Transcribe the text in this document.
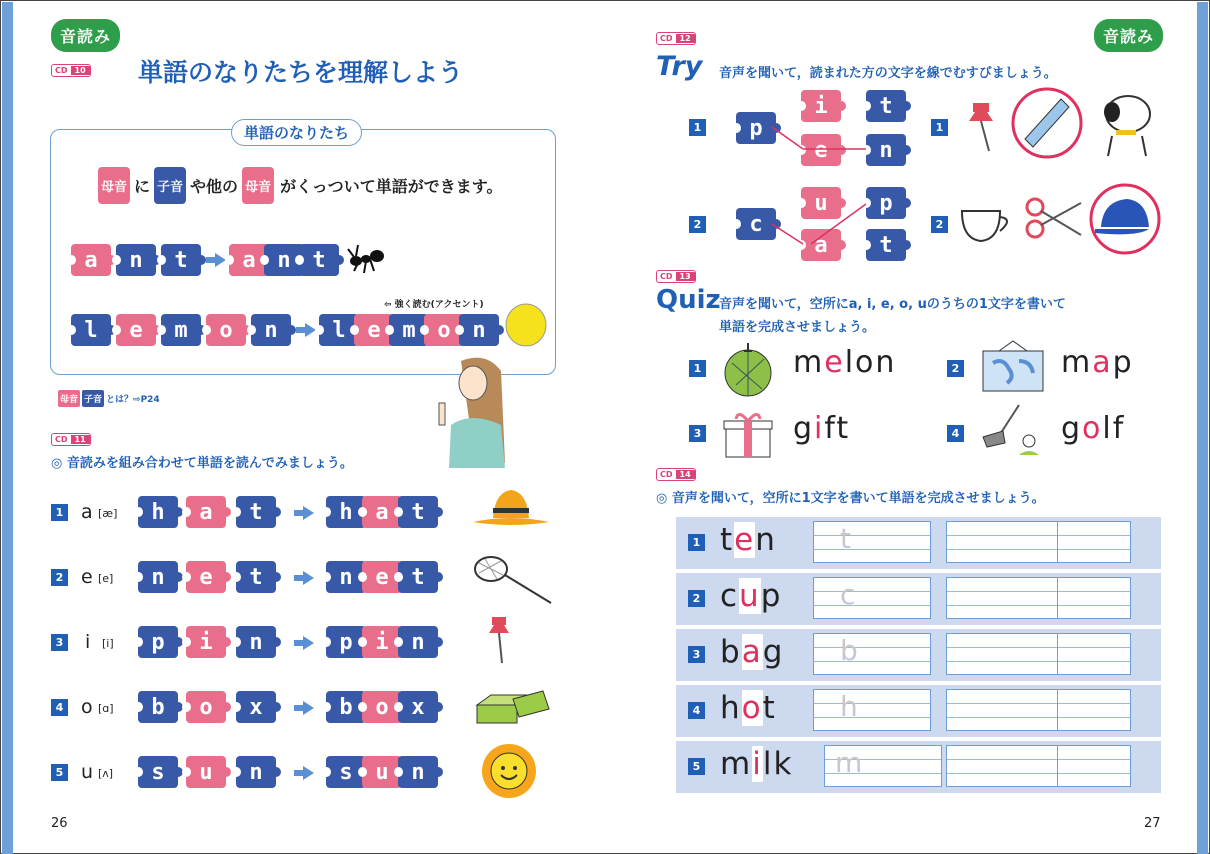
音読み
CD 10 単語のなりたちを理解しよう
単語のなりたち
母音 に 子音 や他の 母音 がくっついて単語ができます。
a	n	t	a n t
l	e	m	o	n	l e m o n
⇦ 強く読む(アクセント)
母音 子音 とは？⇨P24
CD 11
◎ 音読みを組み合わせて単語を読んでみましょう。
1 a [æ]	h	a	t	h	a	t
2 e [e]	n	e	t	n	e	t
3 i [i]	p	i	n	p	i	n
4 o [ɑ]	b	o	x	b	o	x
5 u [ʌ]	s	u	n	s	u	n
26
音読み
CD 12
Try 音声を聞いて，読まれた方の文字を線でむすびましょう。
1	p
i	t
e	n
1
2	c
u	p
a	t
2
CD 13
Quiz
音声を聞いて，空所にa, i, e, o, uのうちの1文字を書いて
単語を完成させましょう。
1	melon	2	map
3	gift	4	golf
CD 14
◎ 音声を聞いて，空所に1文字を書いて単語を完成させましょう。
1 ten t
2 cup c
3 bag b
4 hot h
5 milk m
27
